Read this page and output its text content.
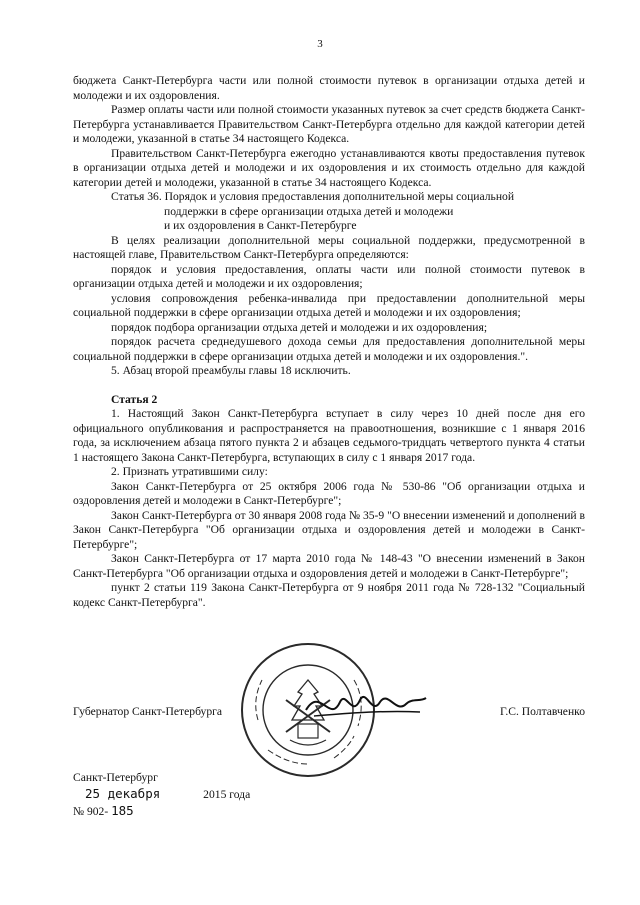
3

бюджета Санкт-Петербурга части или полной стоимости путевок в организации отдыха детей и молодежи и их оздоровления.

Размер оплаты части или полной стоимости указанных путевок за счет средств бюджета Санкт-Петербурга устанавливается Правительством Санкт-Петербурга отдельно для каждой категории детей и молодежи, указанной в статье 34 настоящего Кодекса.

Правительством Санкт-Петербурга ежегодно устанавливаются квоты предоставления путевок в организации отдыха детей и молодежи и их оздоровления и их стоимость отдельно для каждой категории детей и молодежи, указанной в статье 34 настоящего Кодекса.

Статья 36. Порядок и условия предоставления дополнительной меры социальной
поддержки в сфере организации отдыха детей и молодежи
и их оздоровления в Санкт-Петербурге

В целях реализации дополнительной меры социальной поддержки, предусмотренной в настоящей главе, Правительством Санкт-Петербурга определяются:

порядок и условия предоставления, оплаты части или полной стоимости путевок в организации отдыха детей и молодежи и их оздоровления;

условия сопровождения ребенка-инвалида при предоставлении дополнительной меры социальной поддержки в сфере организации отдыха детей и молодежи и их оздоровления;

порядок подбора организации отдыха детей и молодежи и их оздоровления;

порядок расчета среднедушевого дохода семьи для предоставления дополнительной меры социальной поддержки в сфере организации отдыха детей и молодежи и их оздоровления.".

5. Абзац второй преамбулы главы 18 исключить.

Статья 2

1. Настоящий Закон Санкт-Петербурга вступает в силу через 10 дней после дня его официального опубликования и распространяется на правоотношения, возникшие с 1 января 2016 года, за исключением абзаца пятого пункта 2 и абзацев седьмого-тридцать четвертого пункта 4 статьи 1 настоящего Закона Санкт-Петербурга, вступающих в силу с 1 января 2017 года.

2. Признать утратившими силу:

Закон Санкт-Петербурга от 25 октября 2006 года № 530-86 "Об организации отдыха и оздоровления детей и молодежи в Санкт-Петербурге";

Закон Санкт-Петербурга от 30 января 2008 года № 35-9 "О внесении изменений и дополнений в Закон Санкт-Петербурга "Об организации отдыха и оздоровления детей и молодежи в Санкт-Петербурге";

Закон Санкт-Петербурга от 17 марта 2010 года № 148-43 "О внесении изменений в Закон Санкт-Петербурга "Об организации отдыха и оздоровления детей и молодежи в Санкт-Петербурге";

пункт 2 статьи 119 Закона Санкт-Петербурга от 9 ноября 2011 года № 728-132 "Социальный кодекс Санкт-Петербурга".

Губернатор Санкт-Петербурга	Г.С. Полтавченко
Санкт-Петербург
25 декабря	2015 года
№ 902- 185
